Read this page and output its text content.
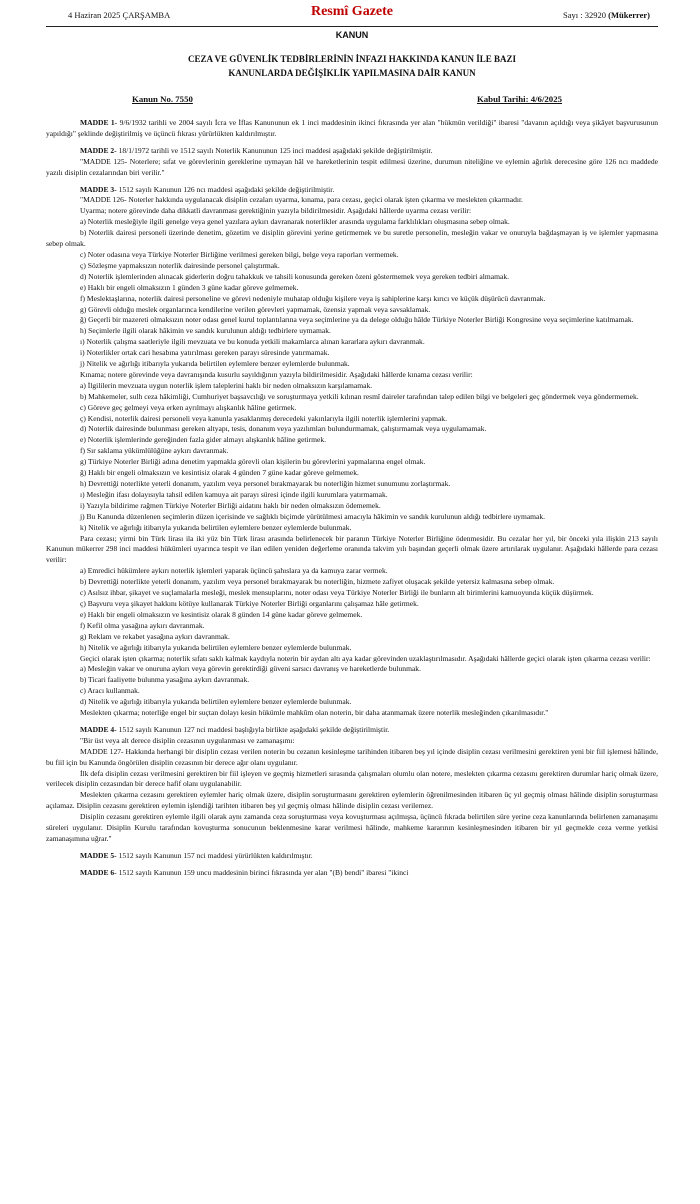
4 Haziran 2025 ÇARŞAMBA	Resmî Gazete	Sayı : 32920 (Mükerrer)
KANUN
CEZA VE GÜVENLİK TEDBİRLERİNİN İNFAZI HAKKINDA KANUN İLE BAZI
KANUNLARDA DEĞİŞİKLİK YAPILMASINA DAİR KANUN
Kanun No. 7550	Kabul Tarihi: 4/6/2025

MADDE 1- 9/6/1932 tarihli ve 2004 sayılı İcra ve İflas Kanununun ek 1 inci maddesinin ikinci fıkrasında yer alan "hükmün verildiği" ibaresi "davanın açıldığı veya şikâyet başvurusunun yapıldığı" şeklinde değiştirilmiş ve üçüncü fıkrası yürürlükten kaldırılmıştır.

MADDE 2- 18/1/1972 tarihli ve 1512 sayılı Noterlik Kanununun 125 inci maddesi aşağıdaki şekilde değiştirilmiştir.

"MADDE 125- Noterlere; sıfat ve görevlerinin gereklerine uymayan hâl ve hareketlerinin tespit edilmesi üzerine, durumun niteliğine ve eylemin ağırlık derecesine göre 126 ncı maddede yazılı disiplin cezalarından biri verilir."

MADDE 3- 1512 sayılı Kanunun 126 ncı maddesi aşağıdaki şekilde değiştirilmiştir.

"MADDE 126- Noterler hakkında uygulanacak disiplin cezaları uyarma, kınama, para cezası, geçici olarak işten çıkarma ve meslekten çıkarmadır.

Uyarma; notere görevinde daha dikkatli davranması gerektiğinin yazıyla bildirilmesidir. Aşağıdaki hâllerde uyarma cezası verilir:

a) Noterlik mesleğiyle ilgili genelge veya genel yazılara aykırı davranarak noterlikler arasında uygulama farklılıkları oluşmasına sebep olmak.

b) Noterlik dairesi personeli üzerinde denetim, gözetim ve disiplin görevini yerine getirmemek ve bu suretle personelin, mesleğin vakar ve onuruyla bağdaşmayan iş ve işlemler yapmasına sebep olmak.

c) Noter odasına veya Türkiye Noterler Birliğine verilmesi gereken bilgi, belge veya raporları vermemek.

ç) Sözleşme yapmaksızın noterlik dairesinde personel çalıştırmak.

d) Noterlik işlemlerinden alınacak giderlerin doğru tahakkuk ve tahsili konusunda gereken özeni göstermemek veya gereken tedbiri almamak.

e) Haklı bir engeli olmaksızın 1 günden 3 güne kadar göreve gelmemek.

f) Meslektaşlarına, noterlik dairesi personeline ve görevi nedeniyle muhatap olduğu kişilere veya iş sahiplerine karşı kırıcı ve küçük düşürücü davranmak.

g) Görevli olduğu meslek organlarınca kendilerine verilen görevleri yapmamak, özensiz yapmak veya savsaklamak.

ğ) Geçerli bir mazereti olmaksızın noter odası genel kurul toplantılarına veya seçimlerine ya da delege olduğu hâlde Türkiye Noterler Birliği Kongresine veya seçimlerine katılmamak.

h) Seçimlerle ilgili olarak hâkimin ve sandık kurulunun aldığı tedbirlere uymamak.

ı) Noterlik çalışma saatleriyle ilgili mevzuata ve bu konuda yetkili makamlarca alınan kararlara aykırı davranmak.

i) Noterlikler ortak cari hesabına yatırılması gereken parayı süresinde yatırmamak.

j) Nitelik ve ağırlığı itibarıyla yukarıda belirtilen eylemlere benzer eylemlerde bulunmak.

Kınama; notere görevinde veya davranışında kusurlu sayıldığının yazıyla bildirilmesidir. Aşağıdaki hâllerde kınama cezası verilir:

a) İlgililerin mevzuata uygun noterlik işlem taleplerini haklı bir neden olmaksızın karşılamamak.

b) Mahkemeler, sulh ceza hâkimliği, Cumhuriyet başsavcılığı ve soruşturmaya yetkili kılınan resmî daireler tarafından talep edilen bilgi ve belgeleri geç göndermek veya göndermemek.

c) Göreve geç gelmeyi veya erken ayrılmayı alışkanlık hâline getirmek.

ç) Kendisi, noterlik dairesi personeli veya kanunla yasaklanmış derecedeki yakınlarıyla ilgili noterlik işlemlerini yapmak.

d) Noterlik dairesinde bulunması gereken altyapı, tesis, donanım veya yazılımları bulundurmamak, çalıştırmamak veya uygulamamak.

e) Noterlik işlemlerinde gereğinden fazla gider almayı alışkanlık hâline getirmek.

f) Sır saklama yükümlülüğüne aykırı davranmak.

g) Türkiye Noterler Birliği adına denetim yapmakla görevli olan kişilerin bu görevlerini yapmalarına engel olmak.

ğ) Haklı bir engeli olmaksızın ve kesintisiz olarak 4 günden 7 güne kadar göreve gelmemek.

h) Devrettiği noterlikte yeterli donanım, yazılım veya personel bırakmayarak bu noterliğin hizmet sunumunu zorlaştırmak.

ı) Mesleğin ifası dolayısıyla tahsil edilen kamuya ait parayı süresi içinde ilgili kurumlara yatırmamak.

i) Yazıyla bildirime rağmen Türkiye Noterler Birliği aidatını haklı bir neden olmaksızın ödememek.

j) Bu Kanunda düzenlenen seçimlerin düzen içerisinde ve sağlıklı biçimde yürütülmesi amacıyla hâkimin ve sandık kurulunun aldığı tedbirlere uymamak.

k) Nitelik ve ağırlığı itibarıyla yukarıda belirtilen eylemlere benzer eylemlerde bulunmak.

Para cezası; yirmi bin Türk lirası ila iki yüz bin Türk lirası arasında belirlenecek bir paranın Türkiye Noterler Birliğine ödenmesidir. Bu cezalar her yıl, bir önceki yıla ilişkin 213 sayılı Kanunun mükerrer 298 inci maddesi hükümleri uyarınca tespit ve ilan edilen yeniden değerleme oranında takvim yılı başından geçerli olmak üzere artırılarak uygulanır. Aşağıdaki hâllerde para cezası verilir:

a) Emredici hükümlere aykırı noterlik işlemleri yaparak üçüncü şahıslara ya da kamuya zarar vermek.

b) Devrettiği noterlikte yeterli donanım, yazılım veya personel bırakmayarak bu noterliğin, hizmete zafiyet oluşacak şekilde yetersiz kalmasına sebep olmak.

c) Asılsız ihbar, şikayet ve suçlamalarla mesleği, meslek mensuplarını, noter odası veya Türkiye Noterler Birliği ile bunların alt birimlerini kamuoyunda küçük düşürmek.

ç) Başvuru veya şikayet hakkını kötüye kullanarak Türkiye Noterler Birliği organlarını çalışamaz hâle getirmek.

e) Haklı bir engeli olmaksızın ve kesintisiz olarak 8 günden 14 güne kadar göreve gelmemek.

f) Kefil olma yasağına aykırı davranmak.

g) Reklam ve rekabet yasağına aykırı davranmak.

h) Nitelik ve ağırlığı itibarıyla yukarıda belirtilen eylemlere benzer eylemlerde bulunmak.

Geçici olarak işten çıkarma; noterlik sıfatı saklı kalmak kaydıyla noterin bir aydan altı aya kadar görevinden uzaklaştırılmasıdır. Aşağıdaki hâllerde geçici olarak işten çıkarma cezası verilir:

a) Mesleğin vakar ve onuruna aykırı veya görevin gerektirdiği güveni sarsıcı davranış ve hareketlerde bulunmak.

b) Ticari faaliyette bulunma yasağına aykırı davranmak.

c) Aracı kullanmak.

d) Nitelik ve ağırlığı itibarıyla yukarıda belirtilen eylemlere benzer eylemlerde bulunmak.

Meslekten çıkarma; noterliğe engel bir suçtan dolayı kesin hükümle mahkûm olan noterin, bir daha atanmamak üzere noterlik mesleğinden çıkarılmasıdır."

MADDE 4- 1512 sayılı Kanunun 127 nci maddesi başlığıyla birlikte aşağıdaki şekilde değiştirilmiştir.

"Bir üst veya alt derece disiplin cezasının uygulanması ve zamanaşımı:

MADDE 127- Hakkında herhangi bir disiplin cezası verilen noterin bu cezanın kesinleşme tarihinden itibaren beş yıl içinde disiplin cezası verilmesini gerektiren yeni bir fiil işlemesi hâlinde, bu fiil için bu Kanunda öngörülen disiplin cezasının bir derece ağır olanı uygulanır.

İlk defa disiplin cezası verilmesini gerektiren bir fiil işleyen ve geçmiş hizmetleri sırasında çalışmaları olumlu olan notere, meslekten çıkarma cezasını gerektiren durumlar hariç olmak üzere, verilecek disiplin cezasından bir derece hafif olanı uygulanabilir.

Meslekten çıkarma cezasını gerektiren eylemler hariç olmak üzere, disiplin soruşturmasını gerektiren eylemlerin öğrenilmesinden itibaren üç yıl geçmiş olması hâlinde disiplin soruşturması açılamaz. Disiplin cezasını gerektiren eylemin işlendiği tarihten itibaren beş yıl geçmiş olması hâlinde disiplin cezası verilemez.

Disiplin cezasını gerektiren eylemle ilgili olarak aynı zamanda ceza soruşturması veya kovuşturması açılmışsa, üçüncü fıkrada belirtilen süre yerine ceza kanunlarında belirlenen zamanaşımı süreleri uygulanır. Disiplin Kurulu tarafından kovuşturma sonucunun beklenmesine karar verilmesi hâlinde, mahkeme kararının kesinleşmesinden itibaren bir yıl geçmekle ceza verme yetkisi zamanaşımına uğrar."

MADDE 5- 1512 sayılı Kanunun 157 nci maddesi yürürlükten kaldırılmıştır.

MADDE 6- 1512 sayılı Kanunun 159 uncu maddesinin birinci fıkrasında yer alan "(B) bendi" ibaresi "ikinci
